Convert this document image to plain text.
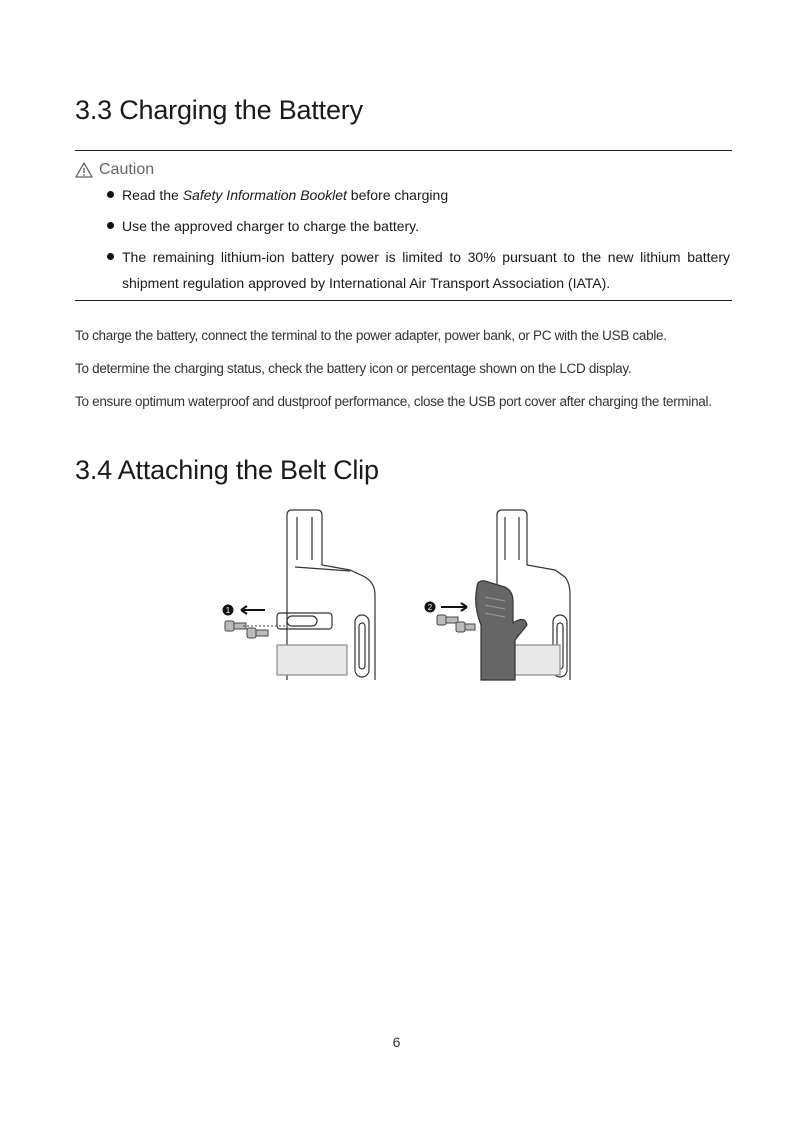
3.3 Charging the Battery
Caution
Read the Safety Information Booklet before charging
Use the approved charger to charge the battery.
The remaining lithium-ion battery power is limited to 30% pursuant to the new lithium battery shipment regulation approved by International Air Transport Association (IATA).

To charge the battery, connect the terminal to the power adapter, power bank, or PC with the USB cable.

To determine the charging status, check the battery icon or percentage shown on the LCD display.

To ensure optimum waterproof and dustproof performance, close the USB port cover after charging the terminal.

3.4 Attaching the Belt Clip
1	2
6
